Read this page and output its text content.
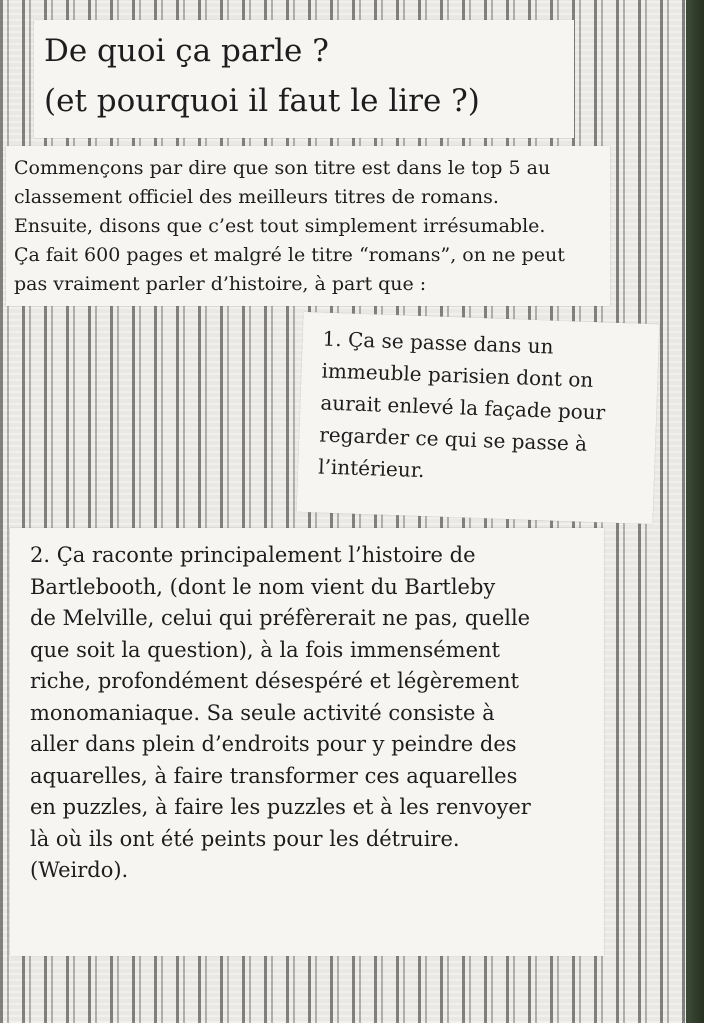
De quoi ça parle ?
(et pourquoi il faut le lire ?)
Commençons par dire que son titre est dans le top 5 au
classement officiel des meilleurs titres de romans.
Ensuite, disons que c’est tout simplement irrésumable.
Ça fait 600 pages et malgré le titre “romans”, on ne peut
pas vraiment parler d’histoire, à part que :
1. Ça se passe dans un
immeuble parisien dont on
aurait enlevé la façade pour
regarder ce qui se passe à
l’intérieur.
2. Ça raconte principalement l’histoire de
Bartlebooth, (dont le nom vient du Bartleby
de Melville, celui qui préfèrerait ne pas, quelle
que soit la question), à la fois immensément
riche, profondément désespéré et légèrement
monomaniaque. Sa seule activité consiste à
aller dans plein d’endroits pour y peindre des
aquarelles, à faire transformer ces aquarelles
en puzzles, à faire les puzzles et à les renvoyer
là où ils ont été peints pour les détruire.
(Weirdo).
